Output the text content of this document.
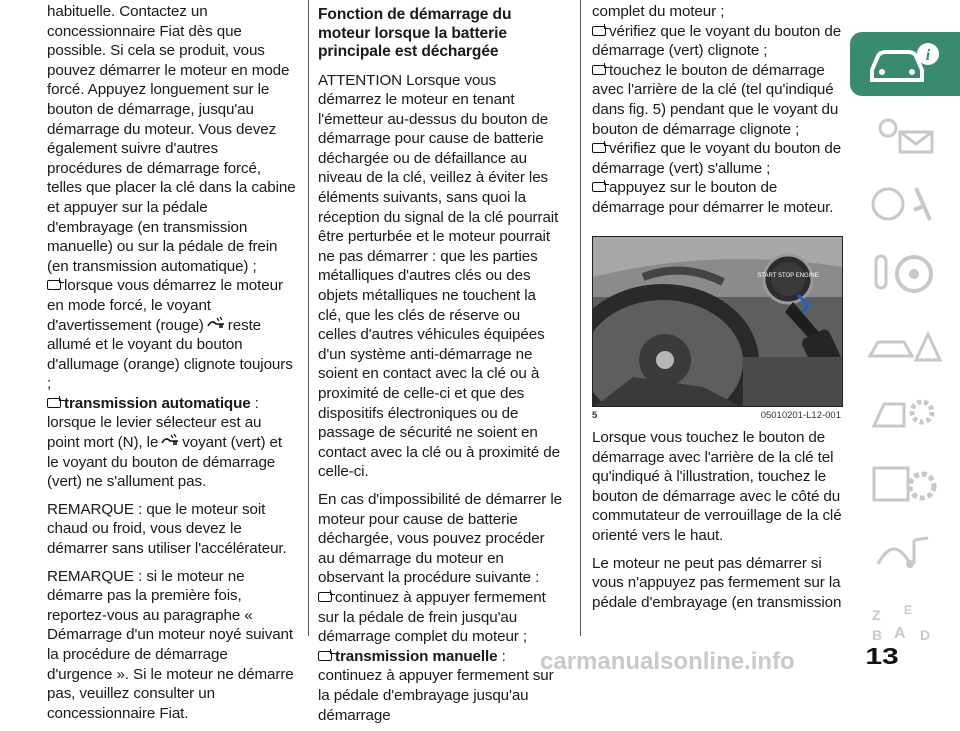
habituelle. Contactez un concessionnaire Fiat dès que possible. Si cela se produit, vous pouvez démarrer le moteur en mode forcé. Appuyez longuement sur le bouton de démarrage, jusqu'au démarrage du moteur. Vous devez également suivre d'autres procédures de démarrage forcé, telles que placer la clé dans la cabine et appuyer sur la pédale d'embrayage (en transmission manuelle) ou sur la pédale de frein (en transmission automatique) ;

lorsque vous démarrez le moteur en mode forcé, le voyant d'avertissement (rouge) reste allumé et le voyant du bouton d'allumage (orange) clignote toujours ;

transmission automatique : lorsque le levier sélecteur est au point mort (N), le voyant (vert) et le voyant du bouton de démarrage (vert) ne s'allument pas.

REMARQUE : que le moteur soit chaud ou froid, vous devez le démarrer sans utiliser l'accélérateur.

REMARQUE : si le moteur ne démarre pas la première fois, reportez-vous au paragraphe « Démarrage d'un moteur noyé suivant la procédure de démarrage d'urgence ». Si le moteur ne démarre pas, veuillez consulter un concessionnaire Fiat.

Fonction de démarrage du moteur lorsque la batterie principale est déchargée

ATTENTION Lorsque vous démarrez le moteur en tenant l'émetteur au-dessus du bouton de démarrage pour cause de batterie déchargée ou de défaillance au niveau de la clé, veillez à éviter les éléments suivants, sans quoi la réception du signal de la clé pourrait être perturbée et le moteur pourrait ne pas démarrer : que les parties métalliques d'autres clés ou des objets métalliques ne touchent la clé, que les clés de réserve ou celles d'autres véhicules équipées d'un système anti-démarrage ne soient en contact avec la clé ou à proximité de celle-ci et que des dispositifs électroniques ou de passage de sécurité ne soient en contact avec la clé ou à proximité de celle-ci.

En cas d'impossibilité de démarrer le moteur pour cause de batterie déchargée, vous pouvez procéder au démarrage du moteur en observant la procédure suivante :

continuez à appuyer fermement sur la pédale de frein jusqu'au démarrage complet du moteur ;

transmission manuelle : continuez à appuyer fermement sur la pédale d'embrayage jusqu'au démarrage

complet du moteur ;

vérifiez que le voyant du bouton de démarrage (vert) clignote ;

touchez le bouton de démarrage avec l'arrière de la clé (tel qu'indiqué dans fig. 5) pendant que le voyant du bouton de démarrage clignote ;

vérifiez que le voyant du bouton de démarrage (vert) s'allume ;

appuyez sur le bouton de démarrage pour démarrer le moteur.

START STOP ENGINE
5	05010201-L12-001

Lorsque vous touchez le bouton de démarrage avec l'arrière de la clé tel qu'indiqué à l'illustration, touchez le bouton de démarrage avec le côté du commutateur de verrouillage de la clé orienté vers le haut.

Le moteur ne peut pas démarrer si vous n'appuyez pas fermement sur la pédale d'embrayage (en transmission

i
Z E
B A D
13
carmanualsonline.info
